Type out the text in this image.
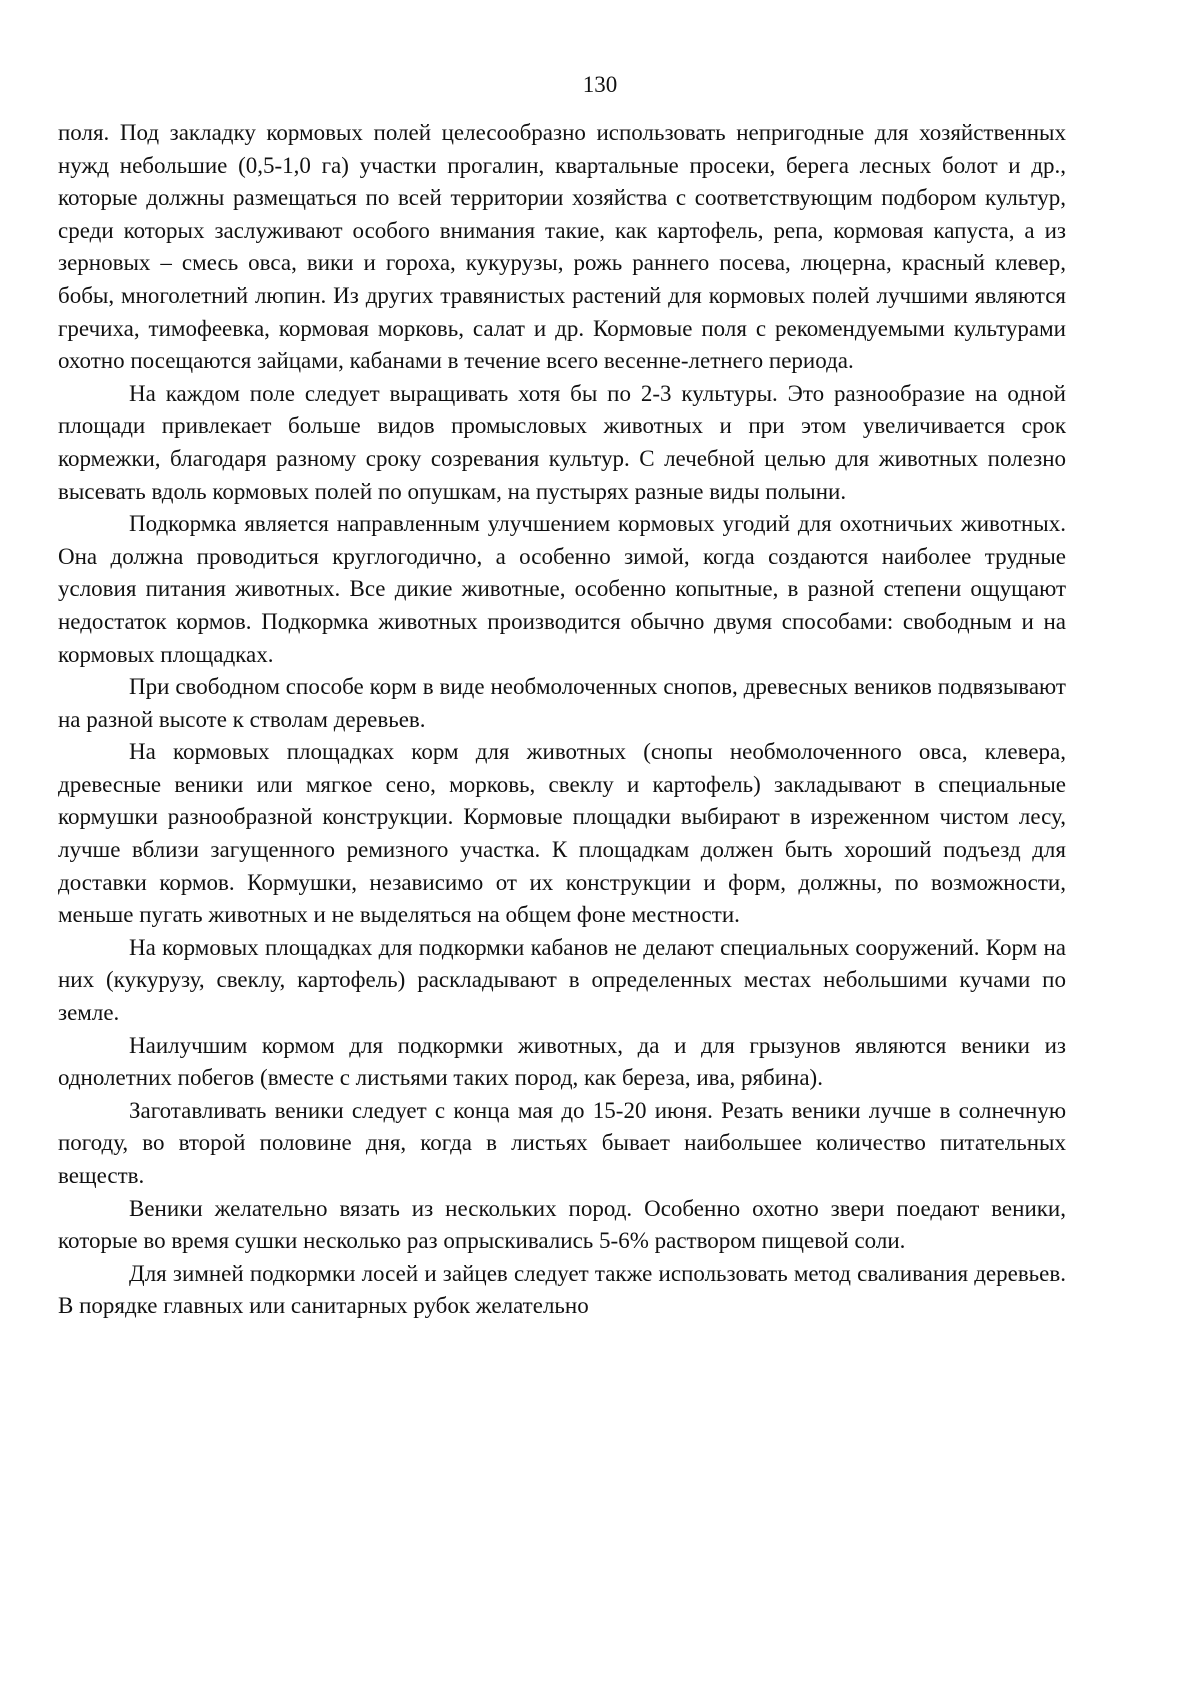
130

поля. Под закладку кормовых полей целесообразно использовать непригодные для хозяйственных нужд небольшие (0,5-1,0 га) участки прогалин, квартальные просеки, берега лесных болот и др., которые должны размещаться по всей территории хозяйства с соответствующим подбором культур, среди которых заслуживают особого внимания такие, как картофель, репа, кормовая капуста, а из зерновых – смесь овса, вики и гороха, кукурузы, рожь раннего посева, люцерна, красный клевер, бобы, многолетний люпин. Из других травянистых растений для кормовых полей лучшими являются гречиха, тимофеевка, кормовая морковь, салат и др. Кормовые поля с рекомендуемыми культурами охотно посещаются зайцами, кабанами в течение всего весенне-летнего периода.

На каждом поле следует выращивать хотя бы по 2-3 культуры. Это разнообразие на одной площади привлекает больше видов промысловых животных и при этом увеличивается срок кормежки, благодаря разному сроку созревания культур. С лечебной целью для животных полезно высевать вдоль кормовых полей по опушкам, на пустырях разные виды полыни.

Подкормка является направленным улучшением кормовых угодий для охотничьих животных. Она должна проводиться круглогодично, а особенно зимой, когда создаются наиболее трудные условия питания животных. Все дикие животные, особенно копытные, в разной степени ощущают недостаток кормов. Подкормка животных производится обычно двумя способами: свободным и на кормовых площадках.

При свободном способе корм в виде необмолоченных снопов, древесных веников подвязывают на разной высоте к стволам деревьев.

На кормовых площадках корм для животных (снопы необмолоченного овса, клевера, древесные веники или мягкое сено, морковь, свеклу и картофель) закладывают в специальные кормушки разнообразной конструкции. Кормовые площадки выбирают в изреженном чистом лесу, лучше вблизи загущенного ремизного участка. К площадкам должен быть хороший подъезд для доставки кормов. Кормушки, независимо от их конструкции и форм, должны, по возможности, меньше пугать животных и не выделяться на общем фоне местности.

На кормовых площадках для подкормки кабанов не делают специальных сооружений. Корм на них (кукурузу, свеклу, картофель) раскладывают в определенных местах небольшими кучами по земле.

Наилучшим кормом для подкормки животных, да и для грызунов являются веники из однолетних побегов (вместе с листьями таких пород, как береза, ива, рябина).

Заготавливать веники следует с конца мая до 15-20 июня. Резать веники лучше в солнечную погоду, во второй половине дня, когда в листьях бывает наибольшее количество питательных веществ.

Веники желательно вязать из нескольких пород. Особенно охотно звери поедают веники, которые во время сушки несколько раз опрыскивались 5-6% раствором пищевой соли.

Для зимней подкормки лосей и зайцев следует также использовать метод сваливания деревьев. В порядке главных или санитарных рубок желательно
